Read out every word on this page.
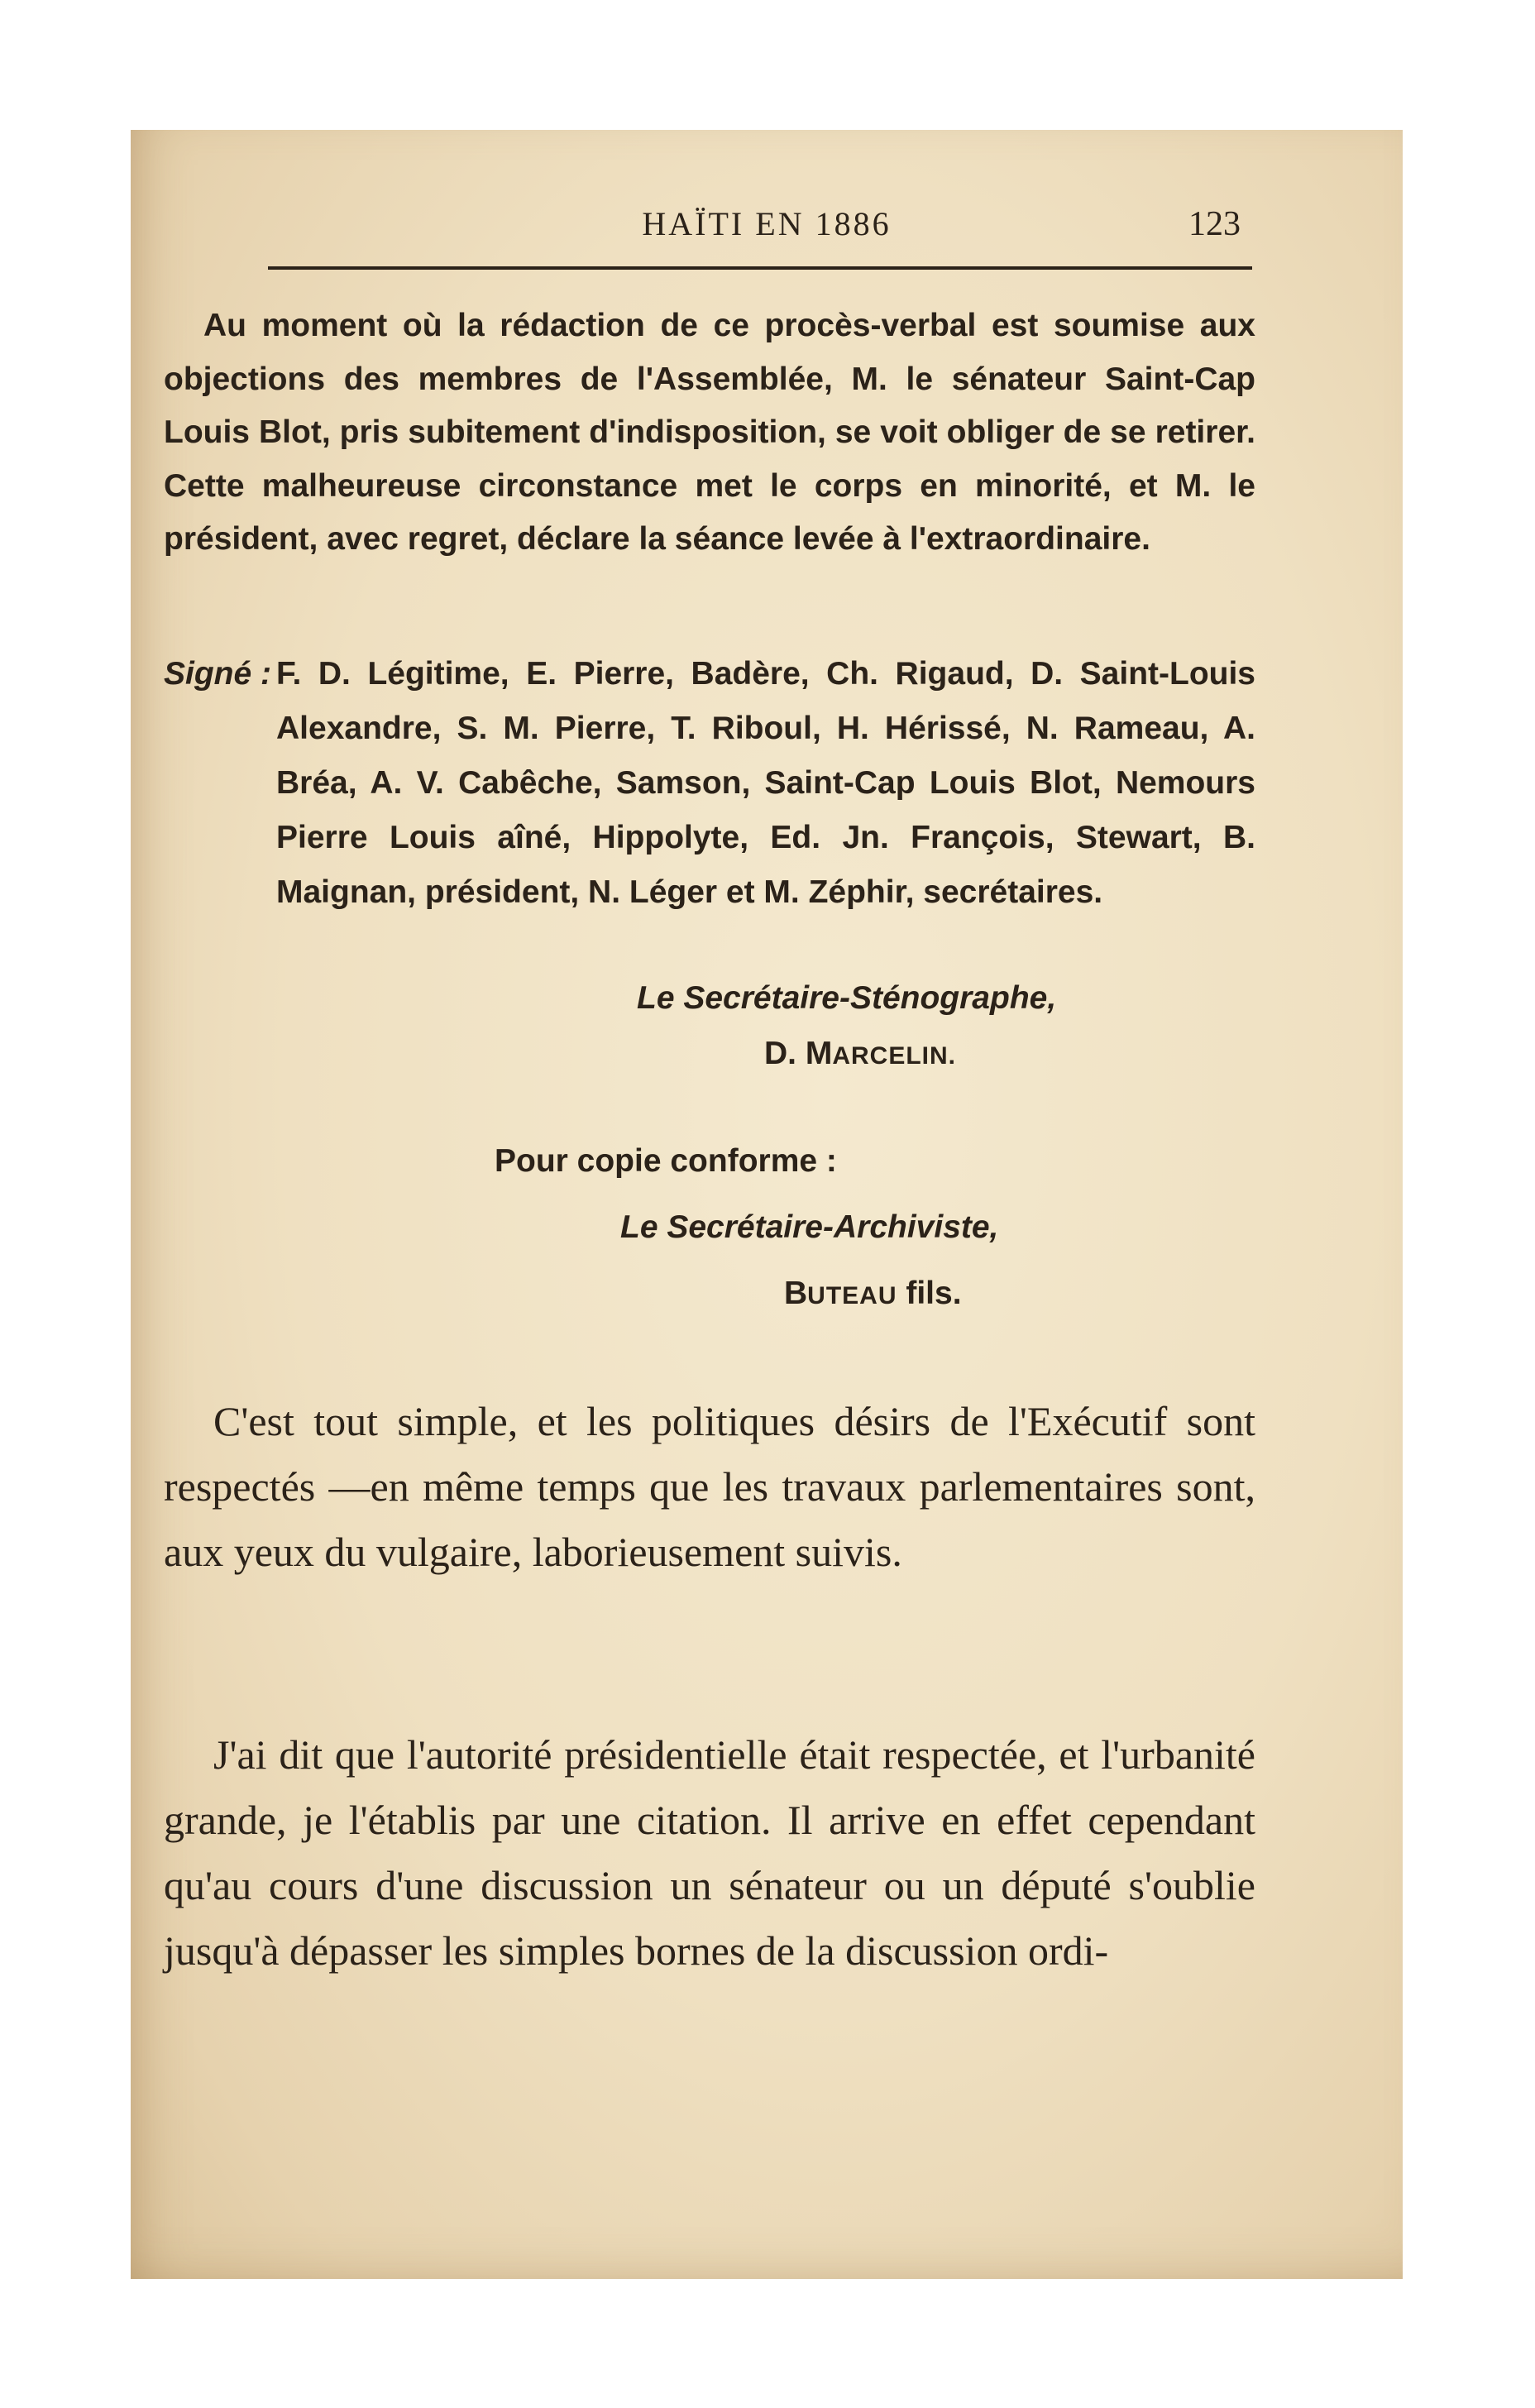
HAÏTI EN 1886	123

Au moment où la rédaction de ce procès-verbal est soumise aux objections des membres de l'Assemblée, M. le sénateur Saint-Cap Louis Blot, pris subitement d'indisposition, se voit obliger de se retirer. Cette malheureuse circonstance met le corps en minorité, et M. le président, avec regret, déclare la séance levée à l'extraordinaire.

Signé : F. D. Légitime, E. Pierre, Badère, Ch. Rigaud, D. Saint-Louis Alexandre, S. M. Pierre, T. Riboul, H. Hérissé, N. Rameau, A. Bréa, A. V. Cabêche, Samson, Saint-Cap Louis Blot, Nemours Pierre Louis aîné, Hippolyte, Ed. Jn. François, Stewart, B. Maignan, président, N. Léger et M. Zéphir, secrétaires.
Le Secrétaire-Sténographe,
D. MARCELIN.
Pour copie conforme :
Le Secrétaire-Archiviste,
BUTEAU fils.

C'est tout simple, et les politiques désirs de l'Exécutif sont respectés —en même temps que les travaux parlementaires sont, aux yeux du vulgaire, laborieusement suivis.

J'ai dit que l'autorité présidentielle était respectée, et l'urbanité grande, je l'établis par une citation. Il arrive en effet cependant qu'au cours d'une discussion un sénateur ou un député s'oublie jusqu'à dépasser les simples bornes de la discussion ordi-
